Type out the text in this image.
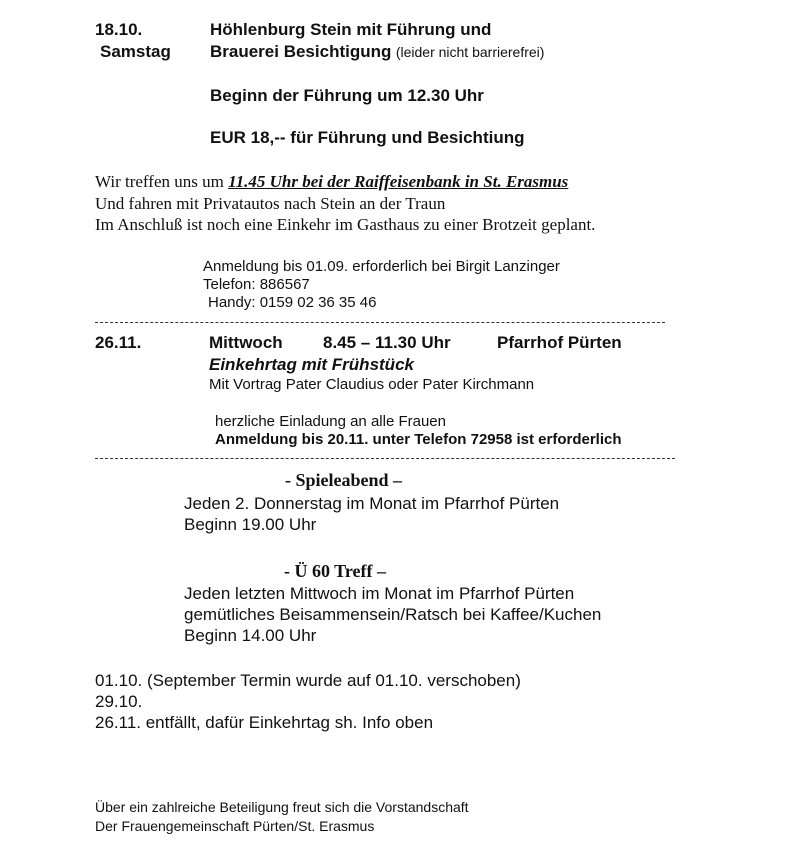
18.10.
Samstag
Höhlenburg Stein mit Führung und
Brauerei Besichtigung (leider nicht barrierefrei)
Beginn der Führung um 12.30 Uhr
EUR 18,-- für Führung und Besichtiung
Wir treffen uns um 11.45 Uhr bei der Raiffeisenbank in St. Erasmus
Und fahren mit Privatautos nach Stein an der Traun
Im Anschluß ist noch eine Einkehr im Gasthaus zu einer Brotzeit geplant.
Anmeldung bis 01.09. erforderlich bei Birgit Lanzinger
Telefon: 886567
Handy: 0159 02 36 35 46
26.11.	Mittwoch 8.45 – 11.30 Uhr	Pfarrhof Pürten
Einkehrtag mit Frühstück
Mit Vortrag Pater Claudius oder Pater Kirchmann
herzliche Einladung an alle Frauen
Anmeldung bis 20.11. unter Telefon 72958 ist erforderlich
- Spieleabend –
Jeden 2. Donnerstag im Monat im Pfarrhof Pürten
Beginn 19.00 Uhr
- Ü 60 Treff –
Jeden letzten Mittwoch im Monat im Pfarrhof Pürten
gemütliches Beisammensein/Ratsch bei Kaffee/Kuchen
Beginn 14.00 Uhr
01.10. (September Termin wurde auf 01.10. verschoben)
29.10.
26.11. entfällt, dafür Einkehrtag sh. Info oben
Über ein zahlreiche Beteiligung freut sich die Vorstandschaft
Der Frauengemeinschaft Pürten/St. Erasmus
